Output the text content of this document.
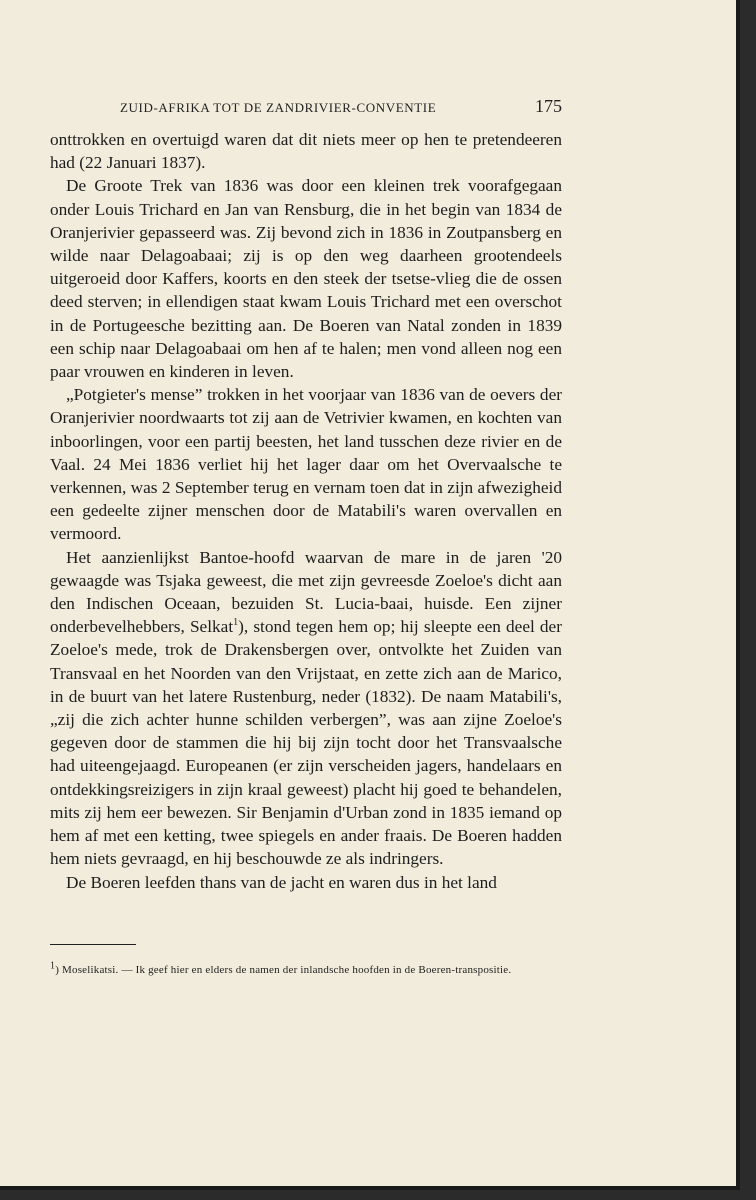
ZUID-AFRIKA TOT DE ZANDRIVIER-CONVENTIE	175

onttrokken en overtuigd waren dat dit niets meer op hen te pretendeeren had (22 Januari 1837).

De Groote Trek van 1836 was door een kleinen trek voorafgegaan onder Louis Trichard en Jan van Rensburg, die in het begin van 1834 de Oranjerivier gepasseerd was. Zij bevond zich in 1836 in Zoutpansberg en wilde naar Delagoabaai; zij is op den weg daarheen grootendeels uitgeroeid door Kaffers, koorts en den steek der tsetse-vlieg die de ossen deed sterven; in ellendigen staat kwam Louis Trichard met een overschot in de Portugeesche bezitting aan. De Boeren van Natal zonden in 1839 een schip naar Delagoabaai om hen af te halen; men vond alleen nog een paar vrouwen en kinderen in leven.

„Potgieter's mense” trokken in het voorjaar van 1836 van de oevers der Oranjerivier noordwaarts tot zij aan de Vetrivier kwamen, en kochten van inboorlingen, voor een partij beesten, het land tusschen deze rivier en de Vaal. 24 Mei 1836 verliet hij het lager daar om het Overvaalsche te verkennen, was 2 September terug en vernam toen dat in zijn afwezigheid een gedeelte zijner menschen door de Matabili's waren overvallen en vermoord.

Het aanzienlijkst Bantoe-hoofd waarvan de mare in de jaren '20 gewaagde was Tsjaka geweest, die met zijn gevreesde Zoeloe's dicht aan den Indischen Oceaan, bezuiden St. Lucia-baai, huisde. Een zijner onderbevelhebbers, Selkat$^1$), stond tegen hem op; hij sleepte een deel der Zoeloe's mede, trok de Drakensbergen over, ontvolkte het Zuiden van Transvaal en het Noorden van den Vrijstaat, en zette zich aan de Marico, in de buurt van het latere Rustenburg, neder (1832). De naam Matabili's, „zij die zich achter hunne schilden verbergen”, was aan zijne Zoeloe's gegeven door de stammen die hij bij zijn tocht door het Transvaalsche had uiteengejaagd. Europeanen (er zijn verscheiden jagers, handelaars en ontdekkingsreizigers in zijn kraal geweest) placht hij goed te behandelen, mits zij hem eer bewezen. Sir Benjamin d'Urban zond in 1835 iemand op hem af met een ketting, twee spiegels en ander fraais. De Boeren hadden hem niets gevraagd, en hij beschouwde ze als indringers.

De Boeren leefden thans van de jacht en waren dus in het land

1) Moselikatsi. — Ik geef hier en elders de namen der inlandsche hoofden in de Boeren-transpositie.
